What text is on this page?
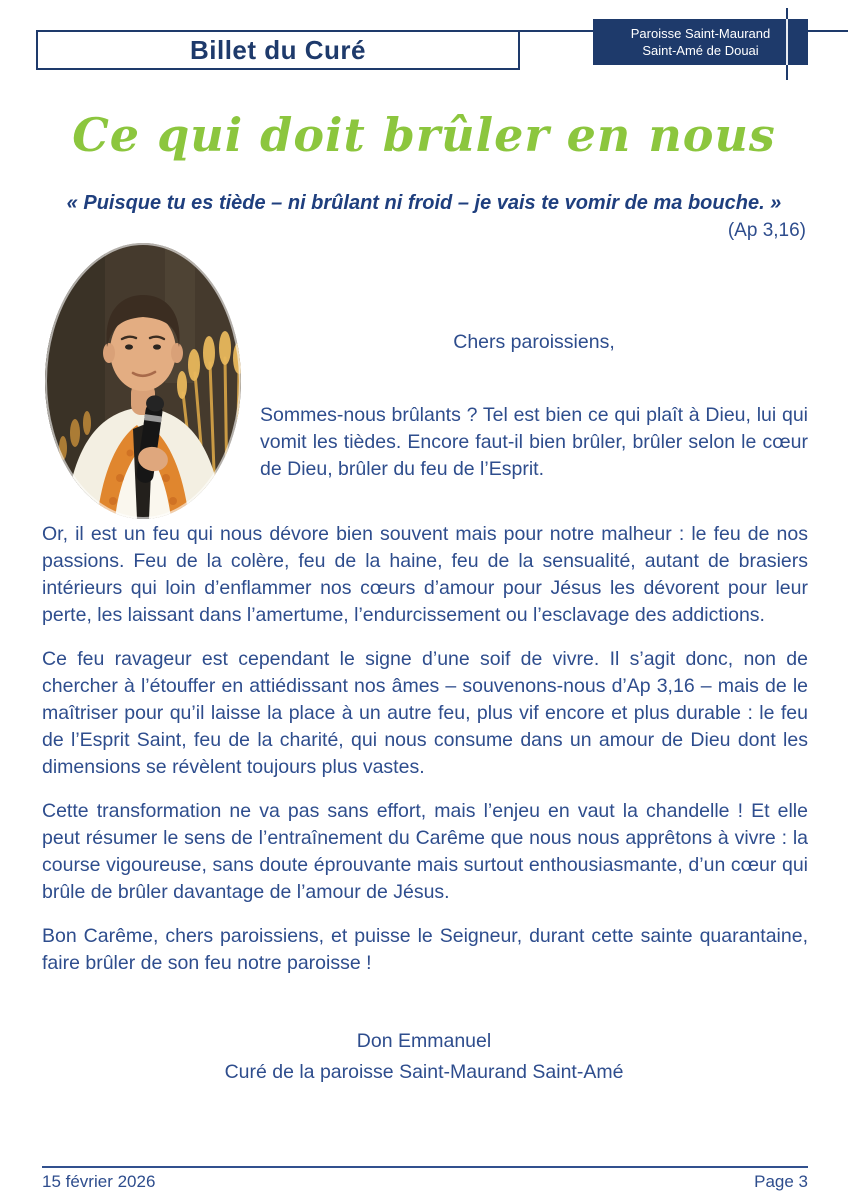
Billet du Curé
Paroisse Saint-Maurand
Saint-Amé de Douai
Ce qui doit brûler en nous
« Puisque tu es tiède – ni brûlant ni froid – je vais te vomir de ma bouche. »
(Ap 3,16)
Chers paroissiens,

Sommes-nous brûlants ? Tel est bien ce qui plaît à Dieu, lui qui vomit les tièdes. Encore faut-il bien brûler, brûler selon le cœur de Dieu, brûler du feu de l’Esprit.

Or, il est un feu qui nous dévore bien souvent mais pour notre malheur : le feu de nos passions. Feu de la colère, feu de la haine, feu de la sensualité, autant de brasiers intérieurs qui loin d’enflammer nos cœurs d’amour pour Jésus les dévorent pour leur perte, les laissant dans l’amertume, l’endurcissement ou l’esclavage des addictions.

Ce feu ravageur est cependant le signe d’une soif de vivre. Il s’agit donc, non de chercher à l’étouffer en attiédissant nos âmes – souvenons-nous d’Ap 3,16 – mais de le maîtriser pour qu’il laisse la place à un autre feu, plus vif encore et plus durable : le feu de l’Esprit Saint, feu de la charité, qui nous consume dans un amour de Dieu dont les dimensions se révèlent toujours plus vastes.

Cette transformation ne va pas sans effort, mais l’enjeu en vaut la chandelle ! Et elle peut résumer le sens de l’entraînement du Carême que nous nous apprêtons à vivre : la course vigoureuse, sans doute éprouvante mais surtout enthousiasmante, d’un cœur qui brûle de brûler davantage de l’amour de Jésus.

Bon Carême, chers paroissiens, et puisse le Seigneur, durant cette sainte quarantaine, faire brûler de son feu notre paroisse !

Don Emmanuel
Curé de la paroisse Saint-Maurand Saint-Amé
15 février 2026	Page 3
